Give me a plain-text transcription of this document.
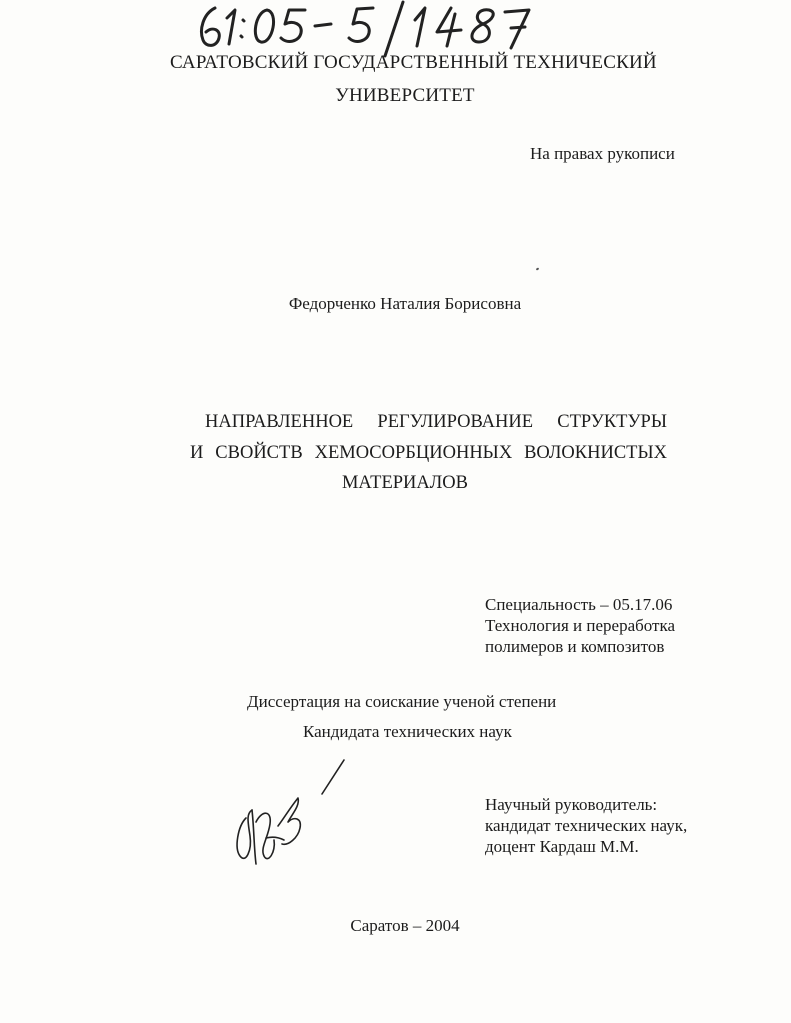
САРАТОВСКИЙ ГОСУДАРСТВЕННЫЙ ТЕХНИЧЕСКИЙ

УНИВЕРСИТЕТ

На правах рукописи

Федорченко Наталия Борисовна

НАПРАВЛЕННОЕ РЕГУЛИРОВАНИЕ СТРУКТУРЫ

И СВОЙСТВ ХЕМОСОРБЦИОННЫХ ВОЛОКНИСТЫХ

МАТЕРИАЛОВ

Специальность – 05.17.06
Технология и переработка
полимеров и композитов

Диссертация на соискание ученой степени

Кандидата технических наук

Научный руководитель:
кандидат технических наук,
доцент Кардаш М.М.

Саратов – 2004
